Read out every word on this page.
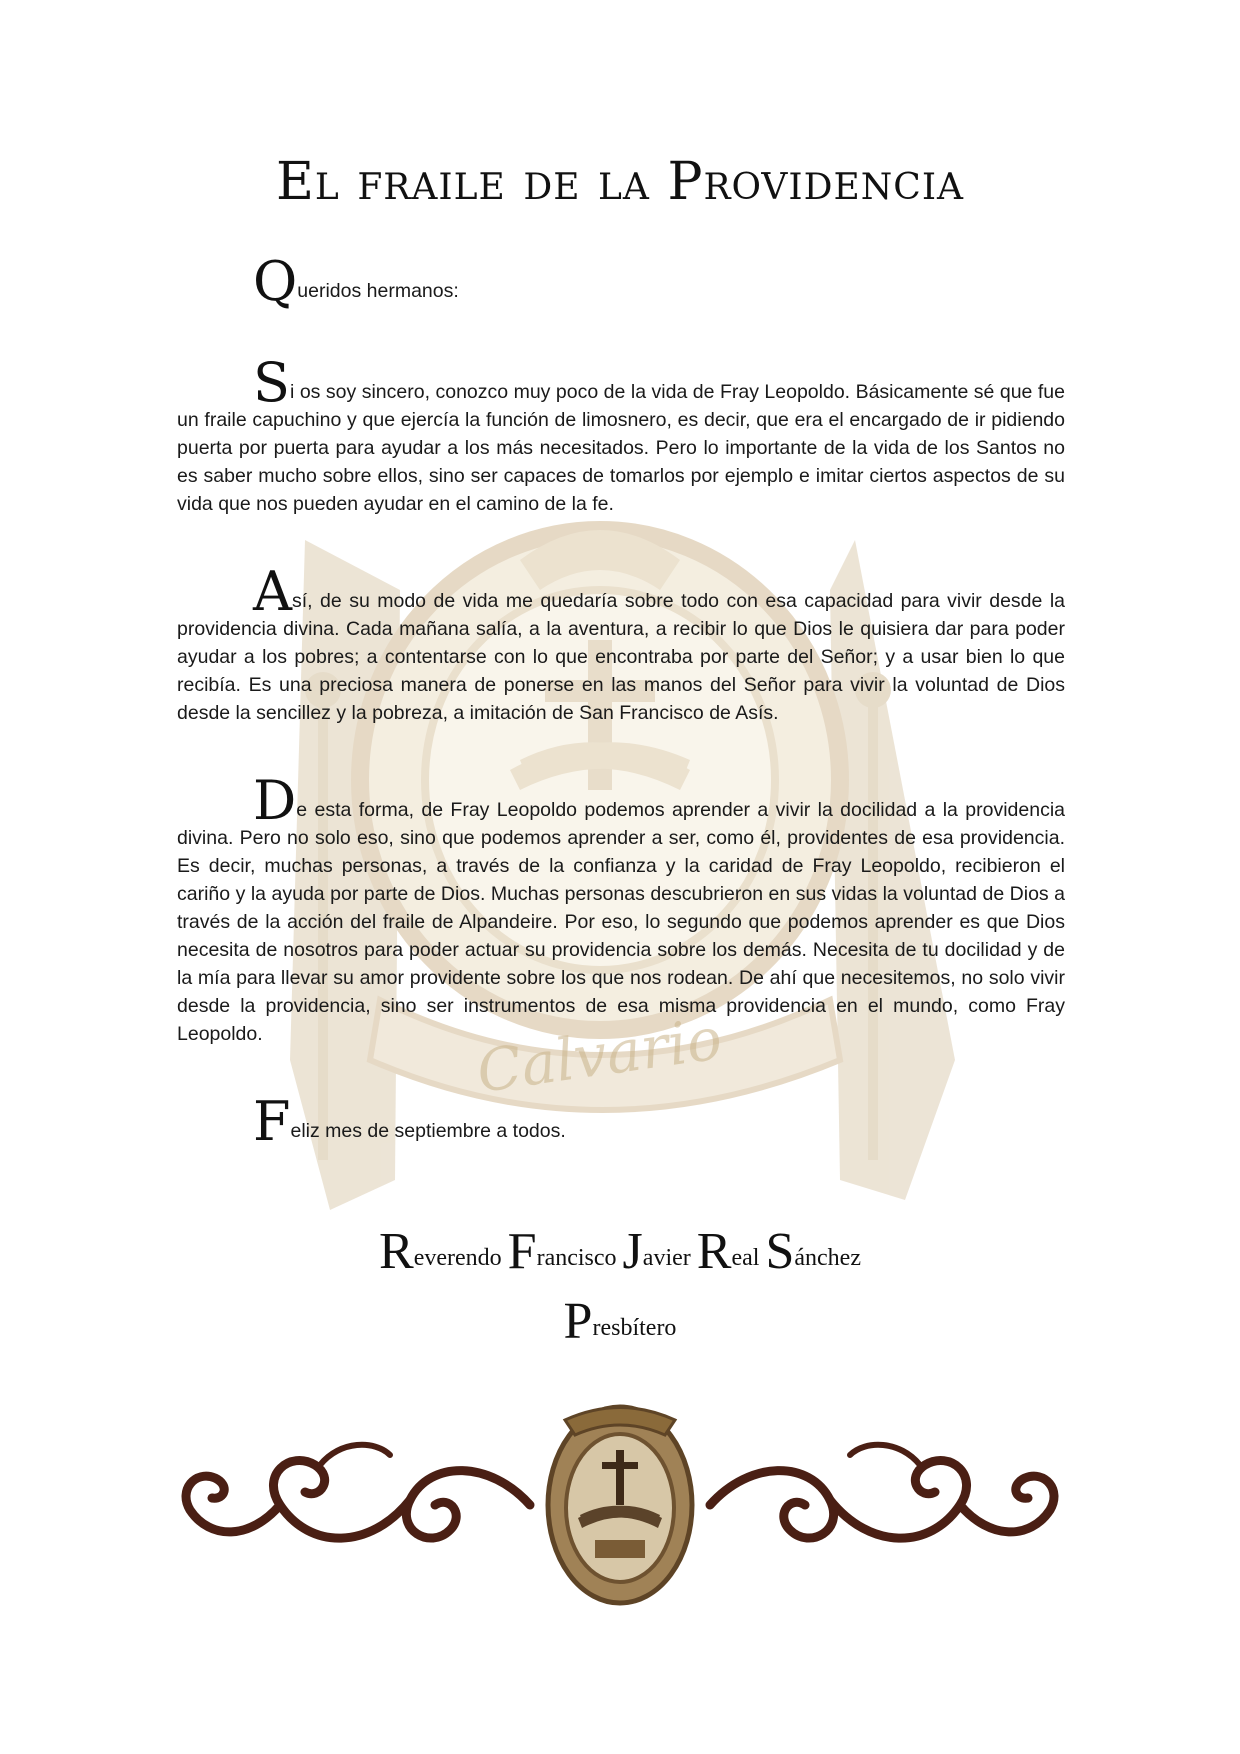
Calvario
El fraile de la Providencia

Queridos hermanos:

Si os soy sincero, conozco muy poco de la vida de Fray Leopoldo. Básicamente sé que fue un fraile capuchino y que ejercía la función de limosnero, es decir, que era el encargado de ir pidiendo puerta por puerta para ayudar a los más necesitados. Pero lo importante de la vida de los Santos no es saber mucho sobre ellos, sino ser capaces de tomarlos por ejemplo e imitar ciertos aspectos de su vida que nos pueden ayudar en el camino de la fe.

Así, de su modo de vida me quedaría sobre todo con esa capacidad para vivir desde la providencia divina. Cada mañana salía, a la aventura, a recibir lo que Dios le quisiera dar para poder ayudar a los pobres; a contentarse con lo que encontraba por parte del Señor; y a usar bien lo que recibía. Es una preciosa manera de ponerse en las manos del Señor para vivir la voluntad de Dios desde la sencillez y la pobreza, a imitación de San Francisco de Asís.

De esta forma, de Fray Leopoldo podemos aprender a vivir la docilidad a la providencia divina. Pero no solo eso, sino que podemos aprender a ser, como él, providentes de esa providencia. Es decir, muchas personas, a través de la confianza y la caridad de Fray Leopoldo, recibieron el cariño y la ayuda por parte de Dios. Muchas personas descubrieron en sus vidas la voluntad de Dios a través de la acción del fraile de Alpandeire. Por eso, lo segundo que podemos aprender es que Dios necesita de nosotros para poder actuar su providencia sobre los demás. Necesita de tu docilidad y de la mía para llevar su amor providente sobre los que nos rodean. De ahí que necesitemos, no solo vivir desde la providencia, sino ser instrumentos de esa misma providencia en el mundo, como Fray Leopoldo.

Feliz mes de septiembre a todos.

Reverendo Francisco Javier Real Sánchez

Presbítero
